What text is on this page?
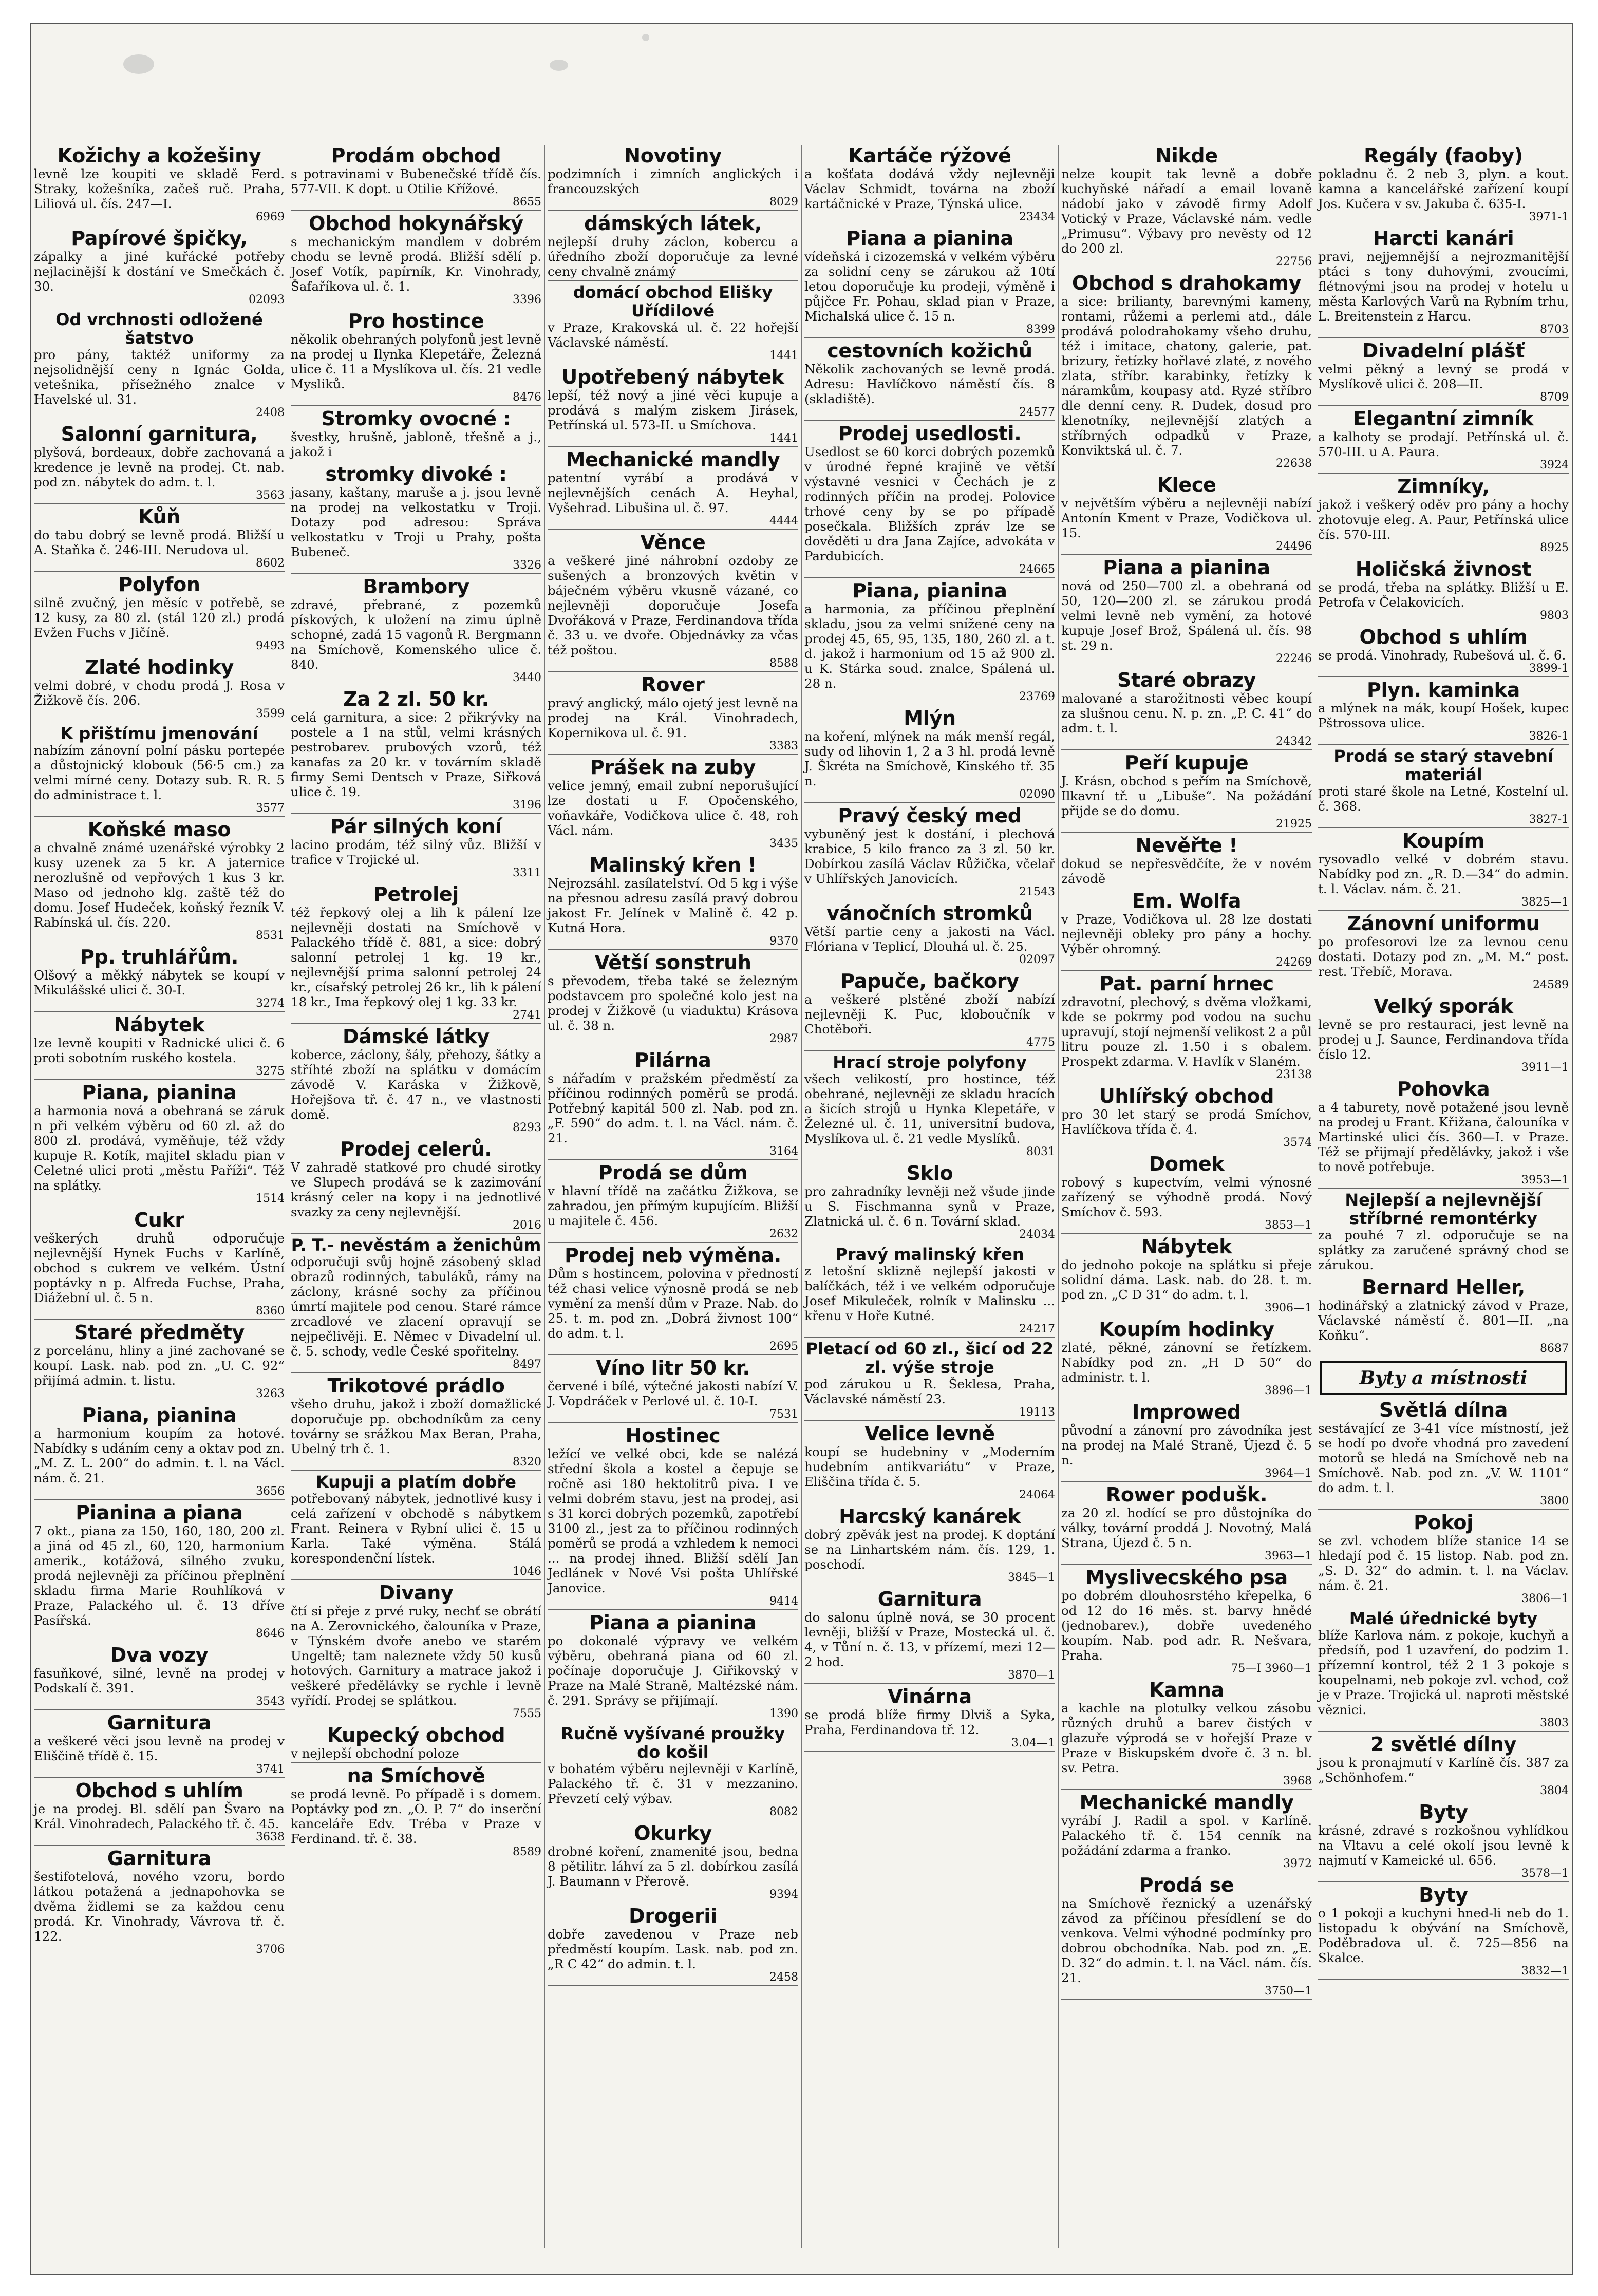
Kožichy a kožešiny
levně lze koupiti ve skladě Ferd. Straky, kožešníka, začeš ruč. Praha, Liliová ul. čís. 247—I.
6969
Papírové špičky,
zápalky a jiné kuřácké potřeby nejlacinější k dostání ve Smečkách č. 30.
02093
Od vrchnosti odložené šatstvo
pro pány, taktéž uniformy za nejsolidnější ceny n Ignác Golda, vetešnika, přísežného znalce v Havelské ul. 31.
2408
Salonní garnitura,
plyšová, bordeaux, dobře zachovaná a kredence je levně na prodej. Ct. nab. pod zn. nábytek do adm. t. l.
3563
Kůň
do tabu dobrý se levně prodá. Bližší u A. Staňka č. 246-III. Nerudova ul.
8602
Polyfon
silně zvučný, jen měsíc v potřebě, se 12 kusy, za 80 zl. (stál 120 zl.) prodá Evžen Fuchs v Jičíně.
9493
Zlaté hodinky
velmi dobré, v chodu prodá J. Rosa v Žižkově čís. 206.
3599
K přištímu jmenování
nabízím zánovní polní pásku portepée a důstojnický klobouk (56·5 cm.) za velmi mírné ceny. Dotazy sub. R. R. 5 do administrace t. l.
3577
Koňské maso
a chvalně známé uzenářské výrobky 2 kusy uzenek za 5 kr. A jaternice nerozlušně od vepřových 1 kus 3 kr. Maso od jednoho klg. zaště též do domu. Josef Hudeček, koňský řezník V. Rabínská ul. čís. 220.
8531
Pp. truhlářům.
Olšový a měkký nábytek se koupí v Mikulášské ulici č. 30-I.
3274
Nábytek
lze levně koupiti v Radnické ulici č. 6 proti sobotním ruského kostela.
3275
Piana, pianina
a harmonia nová a obehraná se záruk n při velkém výběru od 60 zl. až do 800 zl. prodává, vyměňuje, též vždy kupuje R. Kotík, majitel skladu pian v Celetné ulici proti „městu Paříži“. Též na splátky.
1514
Cukr
veškerých druhů odporučuje nejlevnější Hynek Fuchs v Karlíně, obchod s cukrem ve velkém. Ústní poptávky n p. Alfreda Fuchse, Praha, Diážební ul. č. 5 n.
8360
Staré předměty
z porcelánu, hliny a jiné zachované se koupí. Lask. nab. pod zn. „U. C. 92“ přijímá admin. t. listu.
3263
Piana, pianina
a harmonium koupím za hotové. Nabídky s udáním ceny a oktav pod zn. „M. Z. L. 200“ do admin. t. l. na Václ. nám. č. 21.
3656
Pianina a piana
7 okt., piana za 150, 160, 180, 200 zl. a jiná od 45 zl., 60, 120, harmonium amerik., kotážová, silného zvuku, prodá nejlevněji za příčinou přeplnění skladu firma Marie Rouhlíková v Praze, Palackého ul. č. 13 dříve Pasířská.
8646
Dva vozy
fasuňkové, silné, levně na prodej v Podskalí č. 391.
3543
Garnitura
a veškeré věci jsou levně na prodej v Eliščině třídě č. 15.
3741
Obchod s uhlím
je na prodej. Bl. sdělí pan Švaro na Král. Vinohradech, Palackého tř. č. 45.
3638
Garnitura
šestifotelová, nového vzoru, bordo látkou potažená a jednapohovka se dvěma židlemi se za každou cenu prodá. Kr. Vinohrady, Vávrova tř. č. 122.
3706
Prodám obchod
s potravinami v Bubenečské třídě čís. 577-VII. K dopt. u Otilie Křížové.
8655
Obchod hokynářský
s mechanickým mandlem v dobrém chodu se levně prodá. Bližší sdělí p. Josef Votík, papírník, Kr. Vinohrady, Šafaříkova ul. č. 1.
3396
Pro hostince
několik obehraných polyfonů jest levně na prodej u Ilynka Klepetáře, Železná ulice č. 11 a Myslíkova ul. čís. 21 vedle Mysliků.
8476
Stromky ovocné :
švestky, hrušně, jabloně, třešně a j., jakož i
stromky divoké :
jasany, kaštany, maruše a j. jsou levně na prodej na velkostatku v Troji. Dotazy pod adresou: Správa velkostatku v Troji u Prahy, pošta Bubeneč.
3326
Brambory
zdravé, přebrané, z pozemků pískových, k uložení na zimu úplně schopné, zadá 15 vagonů R. Bergmann na Smíchově, Komenského ulice č. 840.
3440
Za 2 zl. 50 kr.
celá garnitura, a sice: 2 přikrývky na postele a 1 na stůl, velmi krásných pestrobarev. prubových vzorů, též kanafas za 20 kr. v továrním skladě firmy Semi Dentsch v Praze, Siřková ulice č. 19.
3196
Pár silných koní
lacino prodám, též silný vůz. Bližší v trafice v Trojické ul.
3311
Petrolej
též řepkový olej a lih k pálení lze nejlevněji dostati na Smíchově v Palackého třídě č. 881, a sice: dobrý salonní petrolej 1 kg. 19 kr., nejlevnější prima salonní petrolej 24 kr., císařský petrolej 26 kr., lih k pálení 18 kr., Ima řepkový olej 1 kg. 33 kr.
2741
Dámské látky
koberce, záclony, šály, přehozy, šátky a stříhté zboží na splátku v domácím závodě V. Karáska v Žižkově, Hořejšova tř. č. 47 n., ve vlastnosti domě.
8293
Prodej celerů.
V zahradě statkové pro chudé sirotky ve Slupech prodává se k zazimování krásný celer na kopy i na jednotlivé svazky za ceny nejlevnější.
2016
P. T.- nevěstám a ženichům
odporučuji svůj hojně zásobený sklad obrazů rodinných, tabuláků, rámy na záclony, krásné sochy za příčinou úmrtí majitele pod cenou. Staré rámce zrcadlové ve zlacení opravují se nejpečlivěji. E. Němec v Divadelní ul. č. 5. schody, vedle České spořitelny.
8497
Trikotové prádlo
všeho druhu, jakož i zboží domažlické doporučuje pp. obchodníkům za ceny továrny se srážkou Max Beran, Praha, Ubelný trh č. 1.
8320
Kupuji a platím dobře
potřebovaný nábytek, jednotlivé kusy i celá zařízení v obchodě s nábytkem Frant. Reinera v Rybní ulici č. 15 u Karla. Také výměna. Stálá korespondenční lístek.
1046
Divany
čtí si přeje z prvé ruky, nechť se obrátí na A. Zerovnického, čalouníka v Praze, v Týnském dvoře anebo ve starém Ungeltě; tam naleznete vždy 50 kusů hotových. Garnitury a matrace jakož i veškeré předělávky se rychle i levně vyřídí. Prodej se splátkou.
7555
Kupecký obchod
v nejlepší obchodní poloze
na Smíchově
se prodá levně. Po případě i s domem. Poptávky pod zn. „O. P. 7“ do inserční kanceláře Edv. Tréba v Praze v Ferdinand. tř. č. 38.
8589
Novotiny
podzimních i zimních anglických i francouzských
8029
dámských látek,
nejlepší druhy záclon, kobercu a úředního zboží doporučuje za levné ceny chvalně známý
domácí obchod Elišky Uřídilové
v Praze, Krakovská ul. č. 22 hořejší Václavské náměstí.
1441
Upotřebený nábytek
lepší, též nový a jiné věci kupuje a prodává s malým ziskem Jirásek, Petřínská ul. 573-II. u Smíchova.
1441
Mechanické mandly
patentní vyrábí a prodává v nejlevnějších cenách A. Heyhal, Vyšehrad. Libušina ul. č. 97.
4444
Věnce
a veškeré jiné náhrobní ozdoby ze sušených a bronzových květin v báječném výběru vkusně vázané, co nejlevněji doporučuje Josefa Dvořáková v Praze, Ferdinandova třída č. 33 u. ve dvoře. Objednávky za včas též poštou.
8588
Rover
pravý anglický, málo ojetý jest levně na prodej na Král. Vinohradech, Kopernikova ul. č. 91.
3383
Prášek na zuby
velice jemný, email zubní neporušující lze dostati u F. Opočenského, voňavkáře, Vodičkova ulice č. 48, roh Václ. nám.
3435
Malinský křen !
Nejrozsáhl. zasílatelství. Od 5 kg i výše na přesnou adresu zasílá pravý dobrou jakost Fr. Jelínek v Malině č. 42 p. Kutná Hora.
9370
Větší sonstruh
s převodem, třeba také se železným podstavcem pro společné kolo jest na prodej v Žižkově (u viaduktu) Krásova ul. č. 38 n.
2987
Pilárna
s nářadím v pražském předměstí za příčinou rodinných poměrů se prodá. Potřebný kapitál 500 zl. Nab. pod zn. „F. 590“ do adm. t. l. na Václ. nám. č. 21.
3164
Prodá se dům
v hlavní třídě na začátku Žižkova, se zahradou, jen přímým kupujícím. Bližší u majitele č. 456.
2632
Prodej neb výměna.
Dům s hostincem, polovina v předností též chasi velice výnosně prodá se neb vymění za menší dům v Praze. Nab. do 25. t. m. pod zn. „Dobrá živnost 100“ do adm. t. l.
2695
Víno litr 50 kr.
červené i bílé, výtečné jakosti nabízí V. J. Vopdráček v Perlové ul. č. 10-I.
7531
Hostinec
ležící ve velké obci, kde se nalézá střední škola a kostel a čepuje se ročně asi 180 hektolitrů piva. I ve velmi dobrém stavu, jest na prodej, asi s 31 korci dobrých pozemků, zapotřebí 3100 zl., jest za to příčinou rodinných poměrů se prodá a vzhledem k nemoci ... na prodej ihned. Bližší sdělí Jan Jedlánek v Nové Vsi pošta Uhlířské Janovice.
9414
Piana a pianina
po dokonalé výpravy ve velkém výběru, obehraná piana od 60 zl. počínaje doporučuje J. Giřikovský v Praze na Malé Straně, Maltézské nám. č. 291. Správy se přijímají.
1390
Ručně vyšívané proužky do košil
v bohatém výběru nejlevněji v Karlíně, Palackého tř. č. 31 v mezzanino. Převzetí celý výbav.
8082
Okurky
drobné koření, znamenité jsou, bedna 8 pětilitr. láhví za 5 zl. dobírkou zasílá J. Baumann v Přerově.
9394
Drogerii
dobře zavedenou v Praze neb předměstí koupím. Lask. nab. pod zn. „R C 42“ do admin. t. l.
2458
Kartáče rýžové
a košťata dodává vždy nejlevněji Václav Schmidt, továrna na zboží kartáčnické v Praze, Týnská ulice.
23434
Piana a pianina
vídeňská i cizozemská v velkém výběru za solidní ceny se zárukou až 10tí letou doporučuje ku prodeji, výměně i půjčce Fr. Pohau, sklad pian v Praze, Michalská ulice č. 15 n.
8399
cestovních kožichů
Několik zachovaných se levně prodá. Adresu: Havlíčkovo náměstí čís. 8 (skladiště).
24577
Prodej usedlosti.
Usedlost se 60 korci dobrých pozemků v úrodné řepné krajině ve větší výstavné vesnici v Čechách je z rodinných příčin na prodej. Polovice trhové ceny by se po případě posečkala. Bližších zpráv lze se dověděti u dra Jana Zajíce, advokáta v Pardubicích.
24665
Piana, pianina
a harmonia, za příčinou přeplnění skladu, jsou za velmi snížené ceny na prodej 45, 65, 95, 135, 180, 260 zl. a t. d. jakož i harmonium od 15 až 900 zl. u K. Stárka soud. znalce, Spálená ul. 28 n.
23769
Mlýn
na koření, mlýnek na mák menší regál, sudy od lihovin 1, 2 a 3 hl. prodá levně J. Škréta na Smíchově, Kinského tř. 35 n.
02090
Pravý český med
vybuněný jest k dostání, i plechová krabice, 5 kilo franco za 3 zl. 50 kr. Dobírkou zasílá Václav Růžička, včelař v Uhlířských Janovicích.
21543
vánočních stromků
Větší partie ceny a jakosti na Václ. Flóriana v Teplicí, Dlouhá ul. č. 25.
02097
Papuče, bačkory
a veškeré plstěné zboží nabízí nejlevněji K. Puc, kloboučník v Chotěboři.
4775
Hrací stroje polyfony
všech velikostí, pro hostince, též obehrané, nejlevněji ze skladu hracích a šicích strojů u Hynka Klepetáře, v Železné ul. č. 11, universitní budova, Myslíkova ul. č. 21 vedle Myslíků.
8031
Sklo
pro zahradníky levněji než všude jinde u S. Fischmanna synů v Praze, Zlatnická ul. č. 6 n. Tovární sklad.
24034
Pravý malinský křen
z letošní sklizně nejlepší jakosti v balíčkách, též i ve velkém odporučuje Josef Mikuleček, rolník v Malinsku ... křenu v Hoře Kutné.
24217
Pletací od 60 zl., šicí od 22 zl. výše stroje
pod zárukou u R. Šeklesa, Praha, Václavské náměstí 23.
19113
Velice levně
koupí se hudebniny v „Moderním hudebním antikvariátu“ v Praze, Eliščina třída č. 5.
24064
Harcský kanárek
dobrý zpěvák jest na prodej. K doptání se na Linhartském nám. čís. 129, 1. poschodí.
3845—1
Garnitura
do salonu úplně nová, se 30 procent levněji, bližší v Praze, Mostecká ul. č. 4, v Tůní n. č. 13, v přízemí, mezi 12—2 hod.
3870—1
Vinárna
se prodá blíže firmy Dlviš a Syka, Praha, Ferdinandova tř. 12.
3.04—1
Nikde
nelze koupit tak levně a dobře kuchyňské nářadí a email lovaně nádobí jako v závodě firmy Adolf Votický v Praze, Václavské nám. vedle „Primusu“. Výbavy pro nevěsty od 12 do 200 zl.
22756
Obchod s drahokamy
a sice: brilianty, barevnými kameny, rontami, růžemi a perlemi atd., dále prodává polodrahokamy všeho druhu, též i imitace, chatony, galerie, pat. brizury, řetízky hořlavé zlaté, z nového zlata, stříbr. karabinky, řetízky k náramkům, koupasy atd. Ryzé stříbro dle denní ceny. R. Dudek, dosud pro klenotníky, nejlevnější zlatých a stříbrných odpadků v Praze, Konviktská ul. č. 7.
22638
Klece
v největším výběru a nejlevněji nabízí Antonín Kment v Praze, Vodičkova ul. 15.
24496
Piana a pianina
nová od 250—700 zl. a obehraná od 50, 120—200 zl. se zárukou prodá velmi levně neb vymění, za hotové kupuje Josef Brož, Spálená ul. čís. 98 st. 29 n.
22246
Staré obrazy
malované a starožitnosti věbec koupí za slušnou cenu. N. p. zn. „P. C. 41“ do adm. t. l.
24342
Peří kupuje
J. Krásn, obchod s peřím na Smíchově, Ilkavní tř. u „Libuše“. Na požádání přijde se do domu.
21925
Nevěřte !
dokud se nepřesvědčíte, že v novém závodě
Em. Wolfa
v Praze, Vodičkova ul. 28 lze dostati nejlevněji obleky pro pány a hochy. Výběr ohromný.
24269
Pat. parní hrnec
zdravotní, plechový, s dvěma vložkami, kde se pokrmy pod vodou na suchu upravují, stojí nejmenší velikost 2 a půl litru pouze zl. 1.50 i s obalem. Prospekt zdarma. V. Havlík v Slaném.
23138
Uhlířský obchod
pro 30 let starý se prodá Smíchov, Havlíčkova třída č. 4.
3574
Domek
robový s kupectvím, velmi výnosné zařízený se výhodně prodá. Nový Smíchov č. 593.
3853—1
Nábytek
do jednoho pokoje na splátku si přeje solidní dáma. Lask. nab. do 28. t. m. pod zn. „C D 31“ do adm. t. l.
3906—1
Koupím hodinky
zlaté, pěkné, zánovní se řetízkem. Nabídky pod zn. „H D 50“ do administr. t. l.
3896—1
Improwed
původní a zánovní pro závodníka jest na prodej na Malé Straně, Újezd č. 5 n.
3964—1
Rower podušk.
za 20 zl. hodící se pro důstojníka do války, tovární proddá J. Novotný, Malá Strana, Újezd č. 5 n.
3963—1
Myslivecského psa
po dobrém dlouhosrstého křepelka, 6 od 12 do 16 měs. st. barvy hnědé (jednobarev.), dobře uvedeného koupím. Nab. pod adr. R. Nešvara, Praha.
75—I 3960—1
Kamna
a kachle na plotulky velkou zásobu různých druhů a barev čistých v glazuře výprodá se v hořejší Praze v Praze v Biskupském dvoře č. 3 n. bl. sv. Petra.
3968
Mechanické mandly
vyrábí J. Radil a spol. v Karlíně. Palackého tř. č. 154 cenník na požádání zdarma a franko.
3972
Prodá se
na Smíchově řeznický a uzenářský závod za příčinou přesídlení se do venkova. Velmi výhodné podmínky pro dobrou obchodníka. Nab. pod zn. „E. D. 32“ do admin. t. l. na Václ. nám. čís. 21.
3750—1
Regály (faoby)
pokladnu č. 2 neb 3, plyn. a kout. kamna a kancelářské zařízení koupí Jos. Kučera v sv. Jakuba č. 635-I.
3971-1
Harcti kanári
pravi, nejjemnější a nejrozmanitější ptáci s tony duhovými, zvoucími, flétnovými jsou na prodej v hotelu u města Karlových Varů na Rybním trhu, L. Breitenstein z Harcu.
8703
Divadelní plášť
velmi pěkný a levný se prodá v Myslíkově ulici č. 208—II.
8709
Elegantní zimník
a kalhoty se prodají. Petřínská ul. č. 570-III. u A. Paura.
3924
Zimníky,
jakož i veškerý oděv pro pány a hochy zhotovuje eleg. A. Paur, Petřínská ulice čís. 570-III.
8925
Holičská živnost
se prodá, třeba na splátky. Bližší u E. Petrofa v Čelakovicích.
9803
Obchod s uhlím
se prodá. Vinohrady, Rubešová ul. č. 6.
3899-1
Plyn. kaminka
a mlýnek na mák, koupí Hošek, kupec Pštrossova ulice.
3826-1
Prodá se starý stavební materiál
proti staré škole na Letné, Kostelní ul. č. 368.
3827-1
Koupím
rysovadlo velké v dobrém stavu. Nabídky pod zn. „R. D.—34“ do admin. t. l. Václav. nám. č. 21.
3825—1
Zánovní uniformu
po profesorovi lze za levnou cenu dostati. Dotazy pod zn. „M. M.“ post. rest. Třebíč, Morava.
24589
Velký sporák
levně se pro restauraci, jest levně na prodej u J. Saunce, Ferdinandova třída číslo 12.
3911—1
Pohovka
a 4 taburety, nově potažené jsou levně na prodej u Frant. Křižana, čalouníka v Martinské ulici čís. 360—I. v Praze. Též se přijmají předělávky, jakož i vše to nově potřebuje.
3953—1
Nejlepší a nejlevnější stříbrné remontérky
za pouhé 7 zl. odporučuje se na splátky za zaručené správný chod se zárukou.
Bernard Heller,
hodinářský a zlatnický závod v Praze, Václavské náměstí č. 801—II. „na Koňku“.
8687
Byty a místnosti
Světlá dílna
sestávající ze 3-41 více místností, jež se hodí po dvoře vhodná pro zavedení motorů se hledá na Smíchově neb na Smíchově. Nab. pod zn. „V. W. 1101“ do adm. t. l.
3800
Pokoj
se zvl. vchodem blíže stanice 14 se hledají pod č. 15 listop. Nab. pod zn. „S. D. 32“ do admin. t. l. na Václav. nám. č. 21.
3806—1
Malé úřednické byty
blíže Karlova nám. z pokoje, kuchyň a předsíň, pod 1 uzavření, do podzim 1. přízemní kontrol, též 2 1 3 pokoje s koupelnami, neb pokoje zvl. vchod, což je v Praze. Trojická ul. naproti městské věznici.
3803
2 světlé dílny
jsou k pronajmutí v Karlíně čís. 387 za „Schönhofem.“
3804
Byty
krásné, zdravé s rozkošnou vyhlídkou na Vltavu a celé okolí jsou levně k najmutí v Kameické ul. 656.
3578—1
Byty
o 1 pokoji a kuchyni hned-li neb do 1. listopadu k obývání na Smíchově, Poděbradova ul. č. 725—856 na Skalce.
3832—1
